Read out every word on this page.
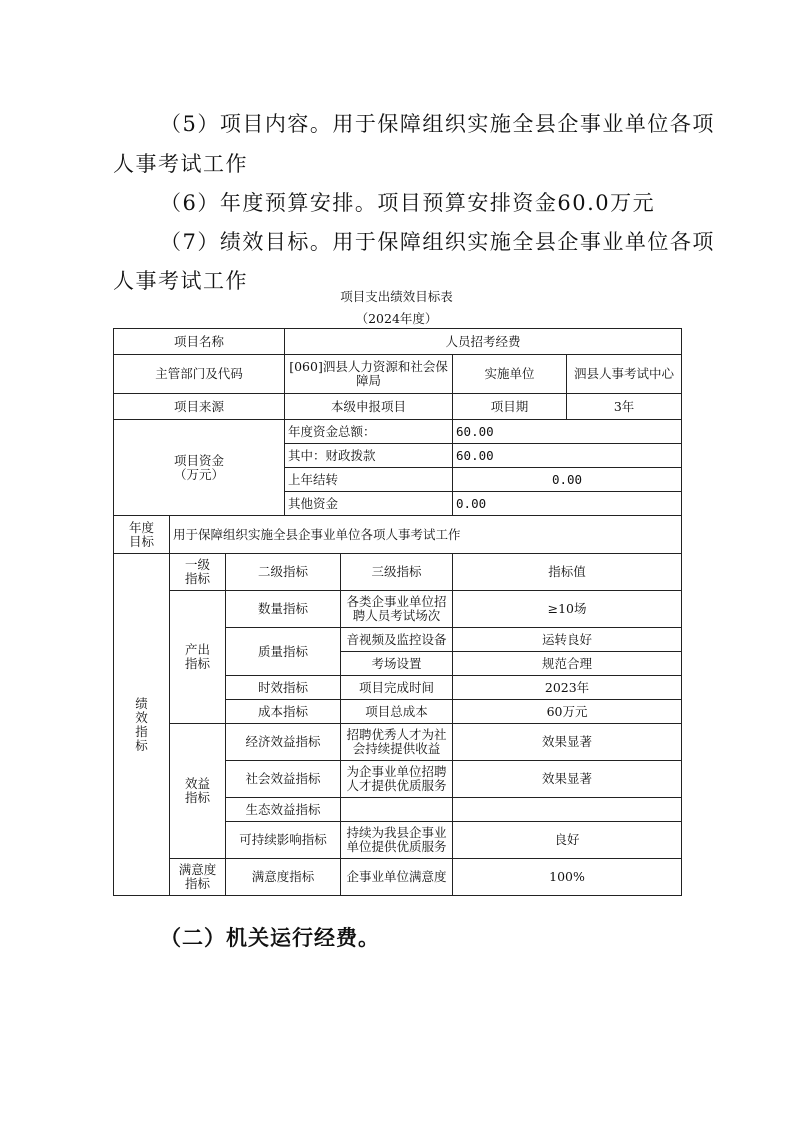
（5）项目内容。用于保障组织实施全县企事业单位各项
人事考试工作
（6）年度预算安排。项目预算安排资金60.0万元
（7）绩效目标。用于保障组织实施全县企事业单位各项
人事考试工作
项目支出绩效目标表
（2024年度）
项目名称			人员招考经费			
主管部门及代码			[060]泗县人力资源和社会保障局		实施单位	泗县人事考试中心
项目来源			本级申报项目		项目期	3年

项目资金（万元）			年度资金总额：		60.00	
			其中：财政拨款		60.00	
			上年结转		0.00	
			其他资金		0.00	

年度目标	用于保障组织实施全县企事业单位各项人事考试工作					

绩效指标	一级指标	二级指标		三级指标	指标值	

	产出指标	数量指标		各类企事业单位招聘人员考试场次	≥10场	
		质量指标		音视频及监控设备	运转良好	
				考场设置	规范合理	
		时效指标		项目完成时间	2023年	
		成本指标		项目总成本	60万元	

	效益指标	经济效益指标		招聘优秀人才为社会持续提供收益	效果显著	
		社会效益指标		为企事业单位招聘人才提供优质服务	效果显著	
		生态效益指标				
		可持续影响指标		持续为我县企事业单位提供优质服务	良好	

	满意度指标	满意度指标		企事业单位满意度	100%	
（二）机关运行经费。
